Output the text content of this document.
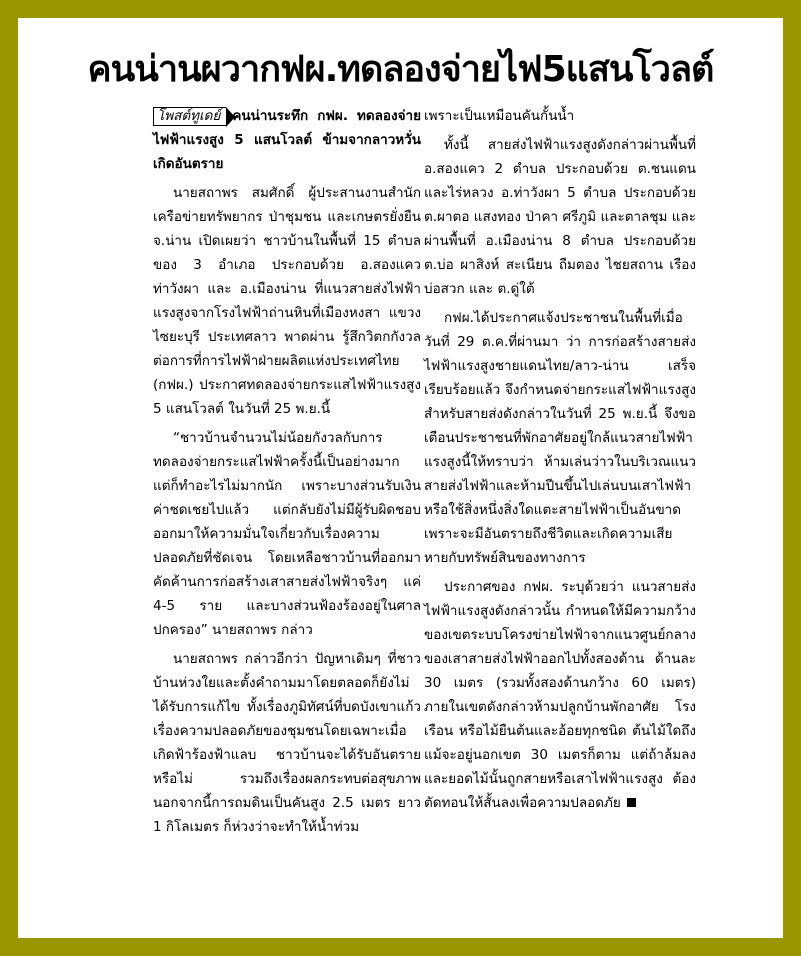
คนน่านผวากฟผ.ทดลองจ่ายไฟ5แสนโวลต์

โพสต์ทูเดย์ คนน่านระทึก กฟผ. ทดลองจ่ายไฟฟ้าแรงสูง 5 แสนโวลต์ ข้ามจากลาวหวั่นเกิดอันตราย

นายสถาพร สมศักดิ์ ผู้ประสานงานสำนักเครือข่ายทรัพยากร ป่าชุมชน และเกษตรยั่งยืน จ.น่าน เปิดเผยว่า ชาวบ้านในพื้นที่ 15 ตำบล ของ 3 อำเภอ ประกอบด้วย อ.สองแคว ท่าวังผา และ อ.เมืองน่าน ที่แนวสายส่งไฟฟ้าแรงสูงจากโรงไฟฟ้าถ่านหินที่เมืองหงสา แขวงไซยะบุรี ประเทศลาว พาดผ่าน รู้สึกวิตกกังวลต่อการที่การไฟฟ้าฝ่ายผลิตแห่งประเทศไทย (กฟผ.) ประกาศทดลองจ่ายกระแสไฟฟ้าแรงสูง 5 แสนโวลต์ ในวันที่ 25 พ.ย.นี้

“ชาวบ้านจำนวนไม่น้อยกังวลกับการทดลองจ่ายกระแสไฟฟ้าครั้งนี้เป็นอย่างมาก แต่ก็ทำอะไรไม่มากนัก เพราะบางส่วนรับเงินค่าชดเชยไปแล้ว แต่กลับยังไม่มีผู้รับผิดชอบออกมาให้ความมั่นใจเกี่ยวกับเรื่องความปลอดภัยที่ชัดเจน โดยเหลือชาวบ้านที่ออกมาคัดค้านการก่อสร้างเสาสายส่งไฟฟ้าจริงๆ แค่ 4-5 ราย และบางส่วนฟ้องร้องอยู่ในศาลปกครอง” นายสถาพร กล่าว

นายสถาพร กล่าวอีกว่า ปัญหาเดิมๆ ที่ชาวบ้านห่วงใยและตั้งคำถามมาโดยตลอดก็ยังไม่ได้รับการแก้ไข ทั้งเรื่องภูมิทัศน์ที่บดบังเขาแก้ว เรื่องความปลอดภัยของชุมชนโดยเฉพาะเมื่อเกิดฟ้าร้องฟ้าแลบ ชาวบ้านจะได้รับอันตรายหรือไม่ รวมถึงเรื่องผลกระทบต่อสุขภาพ นอกจากนี้การถมดินเป็นคันสูง 2.5 เมตร ยาว 1 กิโลเมตร ก็ห่วงว่าจะทำให้น้ำท่วม

เพราะเป็นเหมือนคันกั้นน้ำ

ทั้งนี้ สายส่งไฟฟ้าแรงสูงดังกล่าวผ่านพื้นที่ อ.สองแคว 2 ตำบล ประกอบด้วย ต.ชนแดนและไร่หลวง อ.ท่าวังผา 5 ตำบล ประกอบด้วย ต.ผาตอ แสงทอง ป่าคา ศรีภูมิ และตาลชุม และผ่านพื้นที่ อ.เมืองน่าน 8 ตำบล ประกอบด้วย ต.บ่อ ผาสิงห์ สะเนียน ถืมตอง ไชยสถาน เรือง บ่อสวก และ ต.ดู่ใต้

กฟผ.ได้ประกาศแจ้งประชาชนในพื้นที่เมื่อวันที่ 29 ต.ค.ที่ผ่านมา ว่า การก่อสร้างสายส่งไฟฟ้าแรงสูงชายแดนไทย/ลาว-น่าน เสร็จเรียบร้อยแล้ว จึงกำหนดจ่ายกระแสไฟฟ้าแรงสูงสำหรับสายส่งดังกล่าวในวันที่ 25 พ.ย.นี้ จึงขอเตือนประชาชนที่พักอาศัยอยู่ใกล้แนวสายไฟฟ้าแรงสูงนี้ให้ทราบว่า ห้ามเล่นว่าวในบริเวณแนวสายส่งไฟฟ้าและห้ามปีนขึ้นไปเล่นบนเสาไฟฟ้า หรือใช้สิ่งหนึ่งสิ่งใดแตะสายไฟฟ้าเป็นอันขาดเพราะจะมีอันตรายถึงชีวิตและเกิดความเสียหายกับทรัพย์สินของทางการ

ประกาศของ กฟผ. ระบุด้วยว่า แนวสายส่งไฟฟ้าแรงสูงดังกล่าวนั้น กำหนดให้มีความกว้างของเขตระบบโครงข่ายไฟฟ้าจากแนวศูนย์กลางของเสาสายส่งไฟฟ้าออกไปทั้งสองด้าน ด้านละ 30 เมตร (รวมทั้งสองด้านกว้าง 60 เมตร) ภายในเขตดังกล่าวห้ามปลูกบ้านพักอาศัย โรงเรือน หรือไม้ยืนต้นและอ้อยทุกชนิด ต้นไม้ใดถึงแม้จะอยู่นอกเขต 30 เมตรก็ตาม แต่ถ้าล้มลงและยอดไม้นั้นถูกสายหรือเสาไฟฟ้าแรงสูง ต้องตัดทอนให้สั้นลงเพื่อความปลอดภัย
